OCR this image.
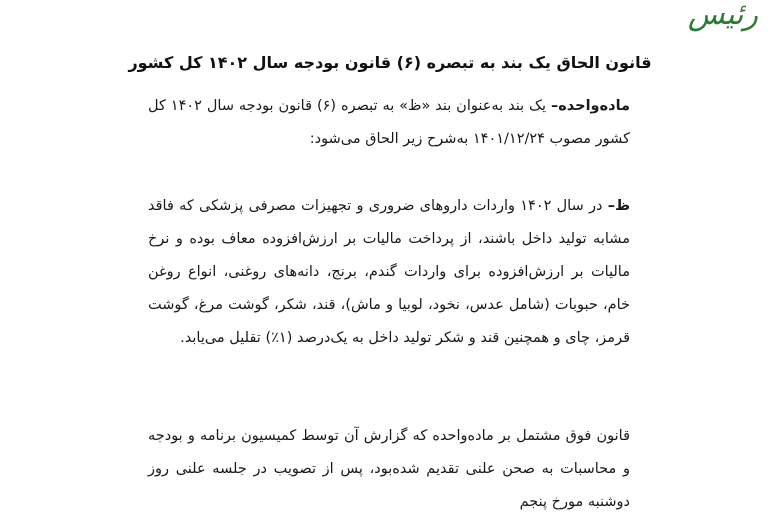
رئیس
قانون الحاق یک بند به تبصره (۶) قانون بودجه سال ۱۴۰۲ کل کشور

ماده‌واحده– یک بند به‌عنوان بند «ظ» به تبصره (۶) قانون بودجه سال ۱۴۰۲ کل کشور مصوب ۱۴۰۱/۱۲/۲۴ به‌شرح زیر الحاق می‌شود:

ظ– در سال ۱۴۰۲ واردات داروهای ضروری و تجهیزات مصرفی پزشکی که فاقد مشابه تولید داخل باشند، از پرداخت مالیات بر ارزش‌افزوده معاف بوده و نرخ مالیات بر ارزش‌افزوده برای واردات گندم، برنج، دانه‌های روغنی، انواع روغن خام، حبوبات (شامل عدس، نخود، لوبیا و ماش)، قند، شکر، گوشت مرغ، گوشت قرمز، چای و همچنین قند و شکر تولید داخل به یک‌درصد (۱٪) تقلیل می‌یابد.

قانون فوق مشتمل بر ماده‌واحده که گزارش آن توسط کمیسیون برنامه و بودجه و محاسبات به صحن علنی تقدیم شده‌بود، پس از تصویب در جلسه علنی روز دوشنبه مورخ پنجم
